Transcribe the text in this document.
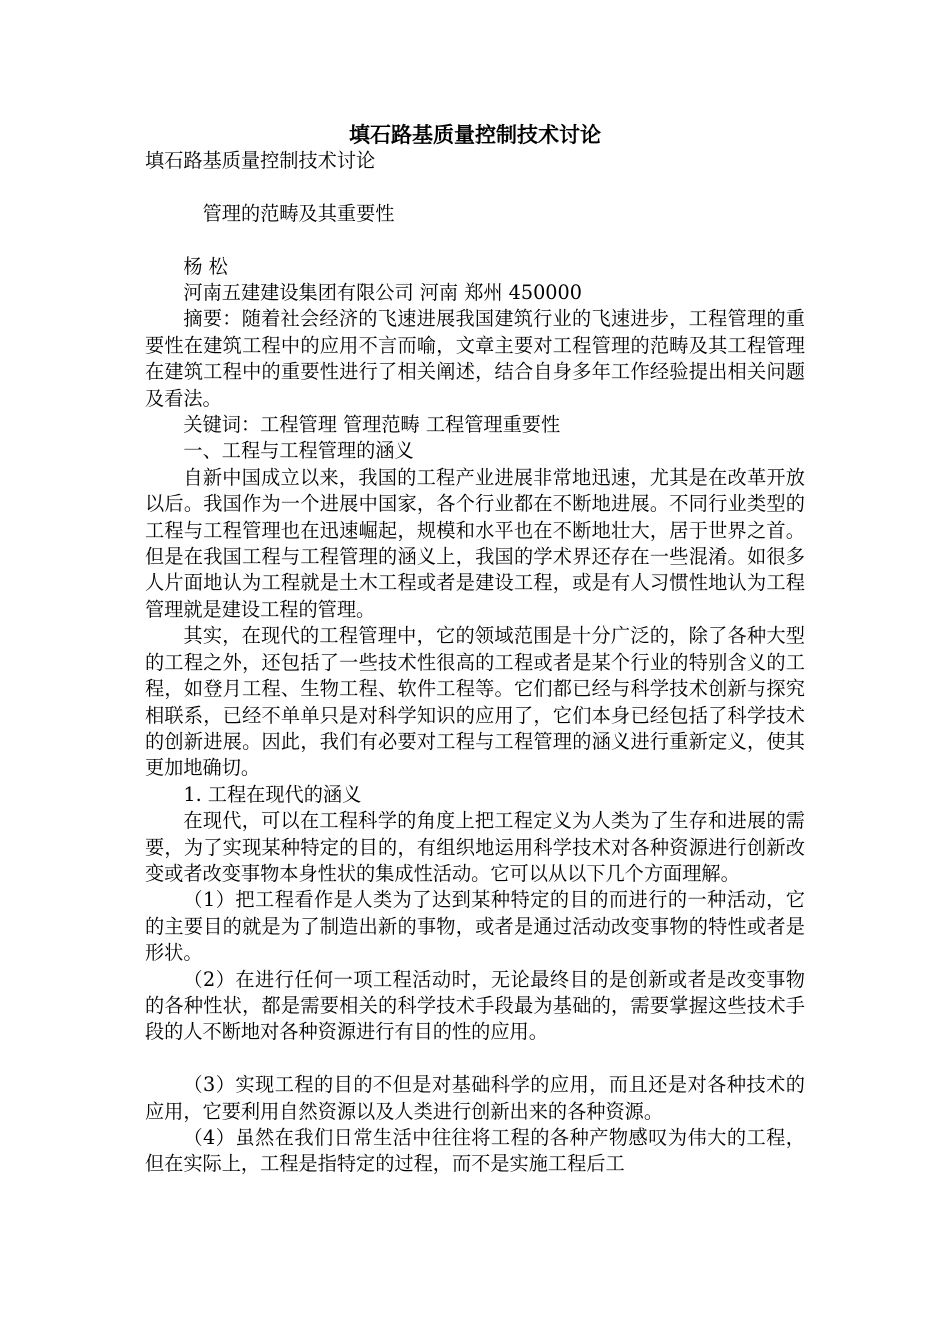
填石路基质量控制技术讨论

填石路基质量控制技术讨论

管理的范畴及其重要性

杨 松

河南五建建设集团有限公司 河南 郑州 450000

摘要：随着社会经济的飞速进展我国建筑行业的飞速进步，工程管理的重要性在建筑工程中的应用不言而喻，文章主要对工程管理的范畴及其工程管理在建筑工程中的重要性进行了相关阐述，结合自身多年工作经验提出相关问题及看法。

关键词：工程管理 管理范畴 工程管理重要性

一、工程与工程管理的涵义

自新中国成立以来，我国的工程产业进展非常地迅速，尤其是在改革开放以后。我国作为一个进展中国家，各个行业都在不断地进展。不同行业类型的工程与工程管理也在迅速崛起，规模和水平也在不断地壮大，居于世界之首。但是在我国工程与工程管理的涵义上，我国的学术界还存在一些混淆。如很多人片面地认为工程就是土木工程或者是建设工程，或是有人习惯性地认为工程管理就是建设工程的管理。

其实，在现代的工程管理中，它的领域范围是十分广泛的，除了各种大型的工程之外，还包括了一些技术性很高的工程或者是某个行业的特别含义的工程，如登月工程、生物工程、软件工程等。它们都已经与科学技术创新与探究相联系，已经不单单只是对科学知识的应用了，它们本身已经包括了科学技术的创新进展。因此，我们有必要对工程与工程管理的涵义进行重新定义，使其更加地确切。

1. 工程在现代的涵义

在现代，可以在工程科学的角度上把工程定义为人类为了生存和进展的需要，为了实现某种特定的目的，有组织地运用科学技术对各种资源进行创新改变或者改变事物本身性状的集成性活动。它可以从以下几个方面理解。

（1）把工程看作是人类为了达到某种特定的目的而进行的一种活动，它的主要目的就是为了制造出新的事物，或者是通过活动改变事物的特性或者是形状。

（2）在进行任何一项工程活动时，无论最终目的是创新或者是改变事物的各种性状，都是需要相关的科学技术手段最为基础的，需要掌握这些技术手段的人不断地对各种资源进行有目的性的应用。

（3）实现工程的目的不但是对基础科学的应用，而且还是对各种技术的应用，它要利用自然资源以及人类进行创新出来的各种资源。

（4）虽然在我们日常生活中往往将工程的各种产物感叹为伟大的工程，但在实际上，工程是指特定的过程，而不是实施工程后工
